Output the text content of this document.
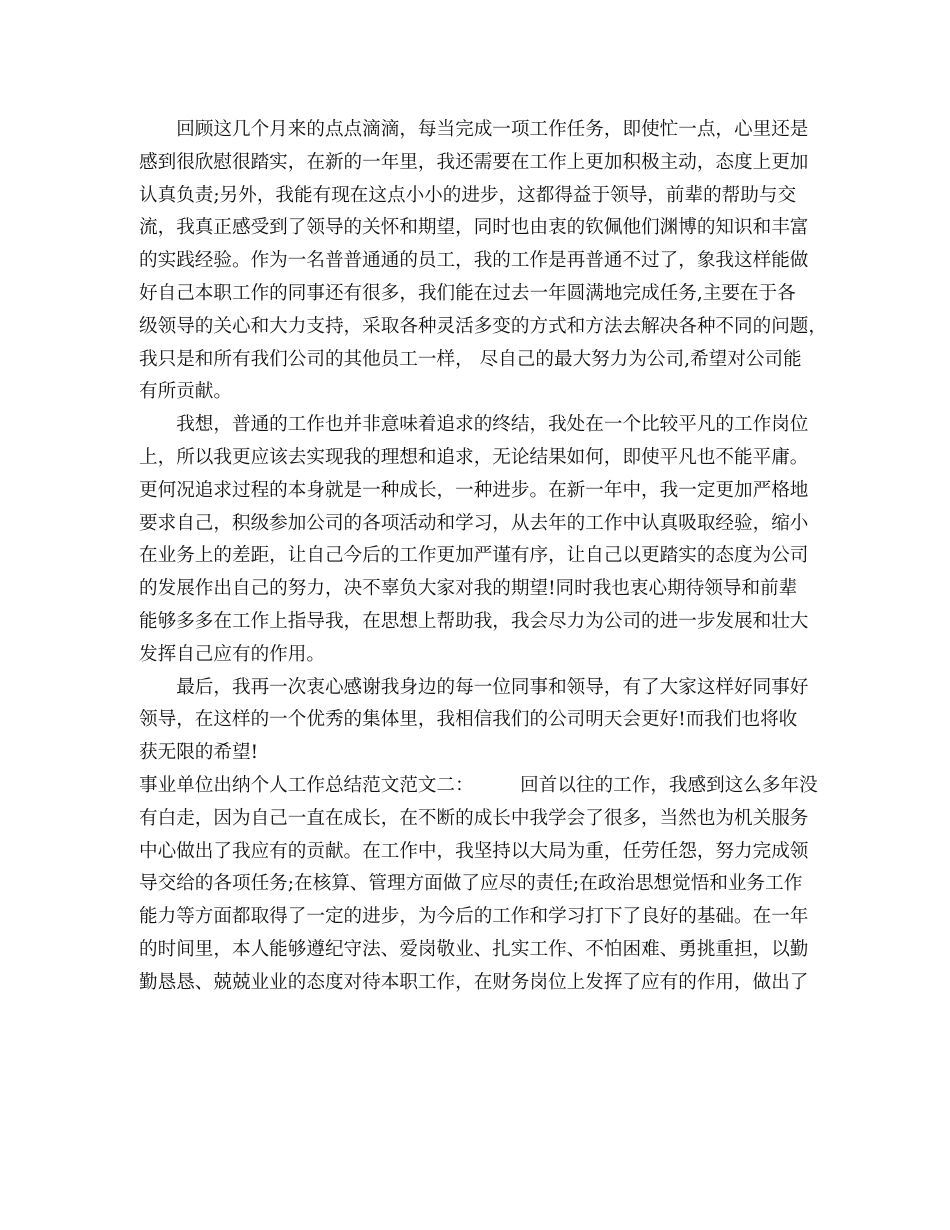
　　回顾这几个月来的点点滴滴，每当完成一项工作任务，即使忙一点，心里还是
感到很欣慰很踏实，在新的一年里，我还需要在工作上更加积极主动，态度上更加
认真负责;另外，我能有现在这点小小的进步，这都得益于领导，前辈的帮助与交
流，我真正感受到了领导的关怀和期望，同时也由衷的钦佩他们渊博的知识和丰富
的实践经验。作为一名普普通通的员工，我的工作是再普通不过了，象我这样能做
好自己本职工作的同事还有很多，我们能在过去一年圆满地完成任务,主要在于各
级领导的关心和大力支持，采取各种灵活多变的方式和方法去解决各种不同的问题，
我只是和所有我们公司的其他员工一样， 尽自己的最大努力为公司,希望对公司能
有所贡献。
　　我想，普通的工作也并非意味着追求的终结，我处在一个比较平凡的工作岗位
上，所以我更应该去实现我的理想和追求，无论结果如何，即使平凡也不能平庸。
更何况追求过程的本身就是一种成长，一种进步。在新一年中，我一定更加严格地
要求自己，积级参加公司的各项活动和学习，从去年的工作中认真吸取经验，缩小
在业务上的差距，让自己今后的工作更加严谨有序，让自己以更踏实的态度为公司
的发展作出自己的努力，决不辜负大家对我的期望!同时我也衷心期待领导和前辈
能够多多在工作上指导我，在思想上帮助我，我会尽力为公司的进一步发展和壮大
发挥自己应有的作用。
　　最后，我再一次衷心感谢我身边的每一位同事和领导，有了大家这样好同事好
领导，在这样的一个优秀的集体里，我相信我们的公司明天会更好!而我们也将收
获无限的希望!
事业单位出纳个人工作总结范文范文二：　　　回首以往的工作，我感到这么多年没
有白走，因为自己一直在成长，在不断的成长中我学会了很多，当然也为机关服务
中心做出了我应有的贡献。在工作中，我坚持以大局为重，任劳任怨，努力完成领
导交给的各项任务;在核算、管理方面做了应尽的责任;在政治思想觉悟和业务工作
能力等方面都取得了一定的进步，为今后的工作和学习打下了良好的基础。在一年
的时间里，本人能够遵纪守法、爱岗敬业、扎实工作、不怕困难、勇挑重担，以勤
勤恳恳、兢兢业业的态度对待本职工作，在财务岗位上发挥了应有的作用，做出了
